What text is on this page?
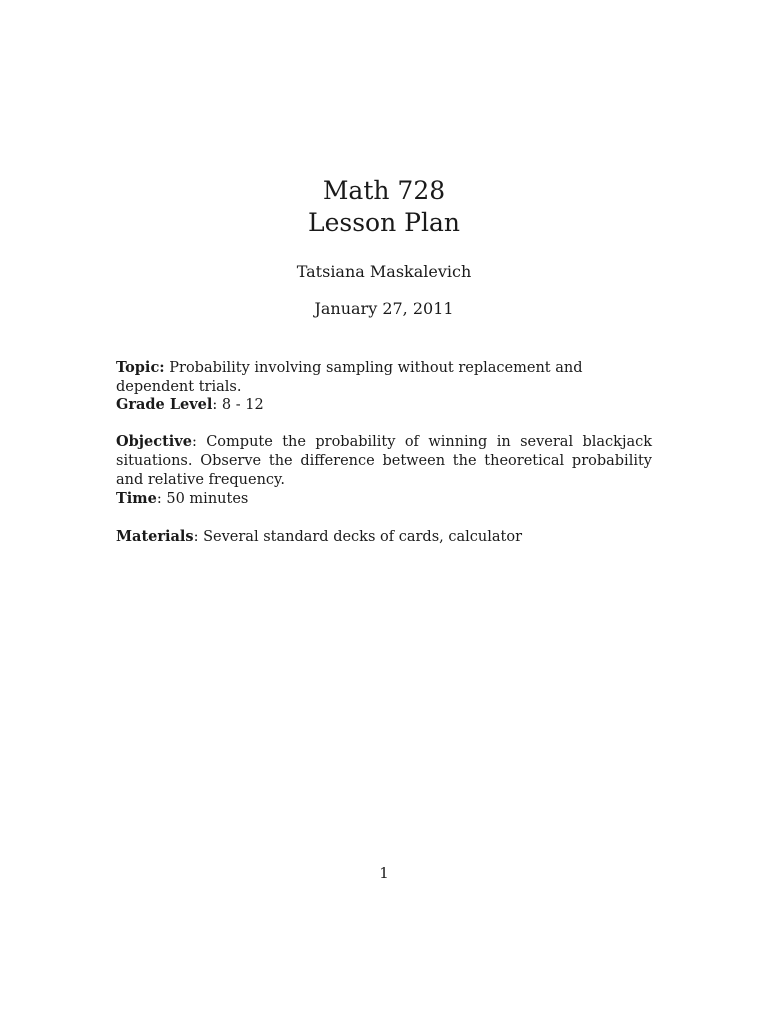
Math 728

Lesson Plan

Tatsiana Maskalevich
January 27, 2011

Topic: Probability involving sampling without replacement and dependent trials.

Grade Level: 8 - 12

Objective: Compute the probability of winning in several blackjack situations. Observe the difference between the theoretical probability and relative frequency.

Time: 50 minutes

Materials: Several standard decks of cards, calculator

1
